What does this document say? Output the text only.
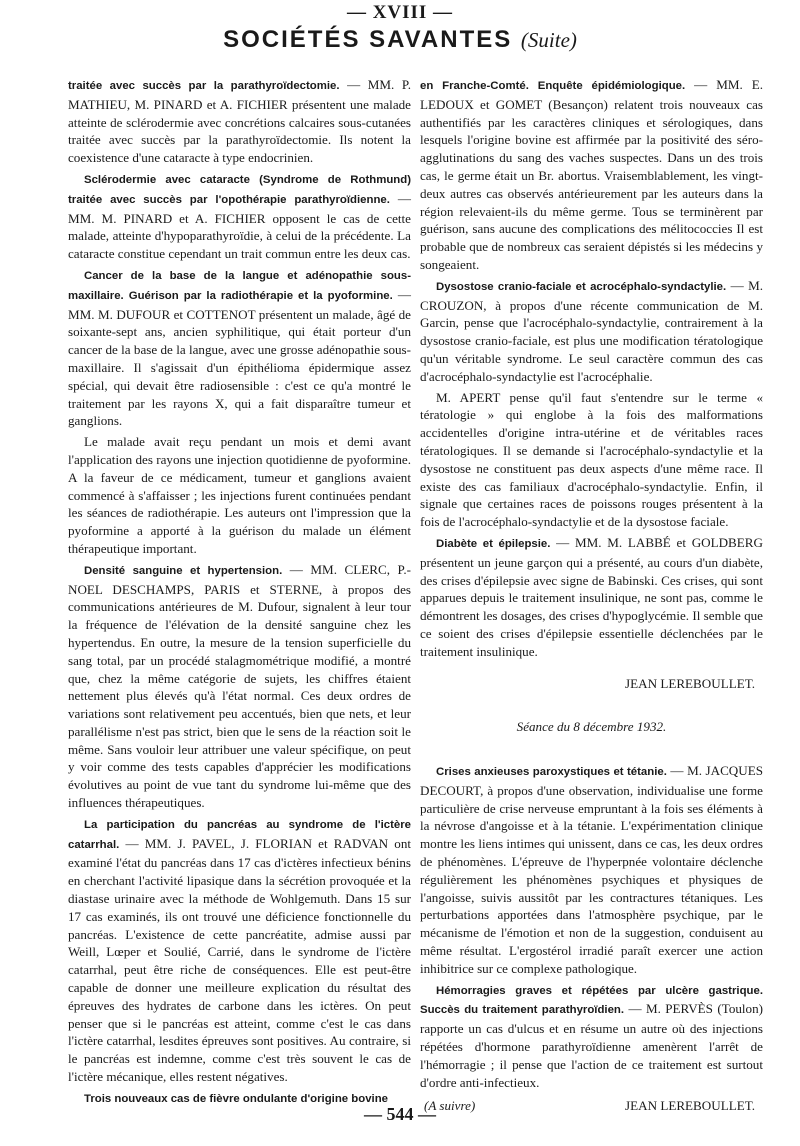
— XVIII —
SOCIÉTÉS SAVANTES (Suite)

traitée avec succès par la parathyroïdectomie. — MM. P. MATHIEU, M. PINARD et A. FICHIER présentent une malade atteinte de sclérodermie avec concrétions calcaires sous-cutanées traitée avec succès par la parathyroïdectomie. Ils notent la coexistence d'une cataracte à type endocrinien.

Sclérodermie avec cataracte (Syndrome de Rothmund) traitée avec succès par l'opothérapie parathyroïdienne. — MM. M. PINARD et A. FICHIER opposent le cas de cette malade, atteinte d'hypoparathyroïdie, à celui de la précédente. La cataracte constitue cependant un trait commun entre les deux cas.

Cancer de la base de la langue et adénopathie sous-maxillaire. Guérison par la radiothérapie et la pyoformine. — MM. M. DUFOUR et COTTENOT présentent un malade, âgé de soixante-sept ans, ancien syphilitique, qui était porteur d'un cancer de la base de la langue, avec une grosse adénopathie sous-maxillaire. Il s'agissait d'un épithélioma épidermique assez spécial, qui devait être radiosensible : c'est ce qu'a montré le traitement par les rayons X, qui a fait disparaître tumeur et ganglions.

Le malade avait reçu pendant un mois et demi avant l'application des rayons une injection quotidienne de pyoformine. A la faveur de ce médicament, tumeur et ganglions avaient commencé à s'affaisser ; les injections furent continuées pendant les séances de radiothérapie. Les auteurs ont l'impression que la pyoformine a apporté à la guérison du malade un élément thérapeutique important.

Densité sanguine et hypertension. — MM. CLERC, P.-NOEL DESCHAMPS, PARIS et STERNE, à propos des communications antérieures de M. Dufour, signalent à leur tour la fréquence de l'élévation de la densité sanguine chez les hypertendus. En outre, la mesure de la tension superficielle du sang total, par un procédé stalagmométrique modifié, a montré que, chez la même catégorie de sujets, les chiffres étaient nettement plus élevés qu'à l'état normal. Ces deux ordres de variations sont relativement peu accentués, bien que nets, et leur parallélisme n'est pas strict, bien que le sens de la réaction soit le même. Sans vouloir leur attribuer une valeur spécifique, on peut y voir comme des tests capables d'apprécier les modifications évolutives au point de vue tant du syndrome lui-même que des influences thérapeutiques.

La participation du pancréas au syndrome de l'ictère catarrhal. — MM. J. PAVEL, J. FLORIAN et RADVAN ont examiné l'état du pancréas dans 17 cas d'ictères infectieux bénins en cherchant l'activité lipasique dans la sécrétion provoquée et la diastase urinaire avec la méthode de Wohlgemuth. Dans 15 sur 17 cas examinés, ils ont trouvé une déficience fonctionnelle du pancréas. L'existence de cette pancréatite, admise aussi par Weill, Lœper et Soulié, Carrié, dans le syndrome de l'ictère catarrhal, peut être riche de conséquences. Elle est peut-être capable de donner une meilleure explication du résultat des épreuves des hydrates de carbone dans les ictères. On peut penser que si le pancréas est atteint, comme c'est le cas dans l'ictère catarrhal, lesdites épreuves sont positives. Au contraire, si le pancréas est indemne, comme c'est très souvent le cas de l'ictère mécanique, elles restent négatives.

Trois nouveaux cas de fièvre ondulante d'origine bovine

en Franche-Comté. Enquête épidémiologique. — MM. E. LEDOUX et GOMET (Besançon) relatent trois nouveaux cas authentifiés par les caractères cliniques et sérologiques, dans lesquels l'origine bovine est affirmée par la positivité des séro-agglutinations du sang des vaches suspectes. Dans un des trois cas, le germe était un Br. abortus. Vraisemblablement, les vingt-deux autres cas observés antérieurement par les auteurs dans la région relevaient-ils du même germe. Tous se terminèrent par guérison, sans aucune des complications des mélitococcies Il est probable que de nombreux cas seraient dépistés si les médecins y songeaient.

Dysostose cranio-faciale et acrocéphalo-syndactylie. — M. CROUZON, à propos d'une récente communication de M. Garcin, pense que l'acrocéphalo-syndactylie, contrairement à la dysostose cranio-faciale, est plus une modification tératologique qu'un véritable syndrome. Le seul caractère commun des cas d'acrocéphalo-syndactylie est l'acrocéphalie.

M. APERT pense qu'il faut s'entendre sur le terme « tératologie » qui englobe à la fois des malformations accidentelles d'origine intra-utérine et de véritables races tératologiques. Il se demande si l'acrocéphalo-syndactylie et la dysostose ne constituent pas deux aspects d'une même race. Il existe des cas familiaux d'acrocéphalo-syndactylie. Enfin, il signale que certaines races de poissons rouges présentent à la fois de l'acrocéphalo-syndactylie et de la dysostose faciale.

Diabète et épilepsie. — MM. M. LABBÉ et GOLDBERG présentent un jeune garçon qui a présenté, au cours d'un diabète, des crises d'épilepsie avec signe de Babinski. Ces crises, qui sont apparues depuis le traitement insulinique, ne sont pas, comme le démontrent les dosages, des crises d'hypoglycémie. Il semble que ce soient des crises d'épilepsie essentielle déclenchées par le traitement insulinique.

JEAN LEREBOULLET.

Séance du 8 décembre 1932.

Crises anxieuses paroxystiques et tétanie. — M. JACQUES DECOURT, à propos d'une observation, individualise une forme particulière de crise nerveuse empruntant à la fois ses éléments à la névrose d'angoisse et à la tétanie. L'expérimentation clinique montre les liens intimes qui unissent, dans ce cas, les deux ordres de phénomènes. L'épreuve de l'hyperpnée volontaire déclenche régulièrement les phénomènes psychiques et physiques de l'angoisse, suivis aussitôt par les contractures tétaniques. Les perturbations apportées dans l'atmosphère psychique, par le mécanisme de l'émotion et non de la suggestion, conduisent au même résultat. L'ergostérol irradié paraît exercer une action inhibitrice sur ce complexe pathologique.

Hémorragies graves et répétées par ulcère gastrique. Succès du traitement parathyroïdien. — M. PERVÈS (Toulon) rapporte un cas d'ulcus et en résume un autre où des injections répétées d'hormone parathyroïdienne amenèrent l'arrêt de l'hémorragie ; il pense que l'action de ce traitement est surtout d'ordre anti-infectieux.

(A suivre)	JEAN LEREBOULLET.

— 544 —
